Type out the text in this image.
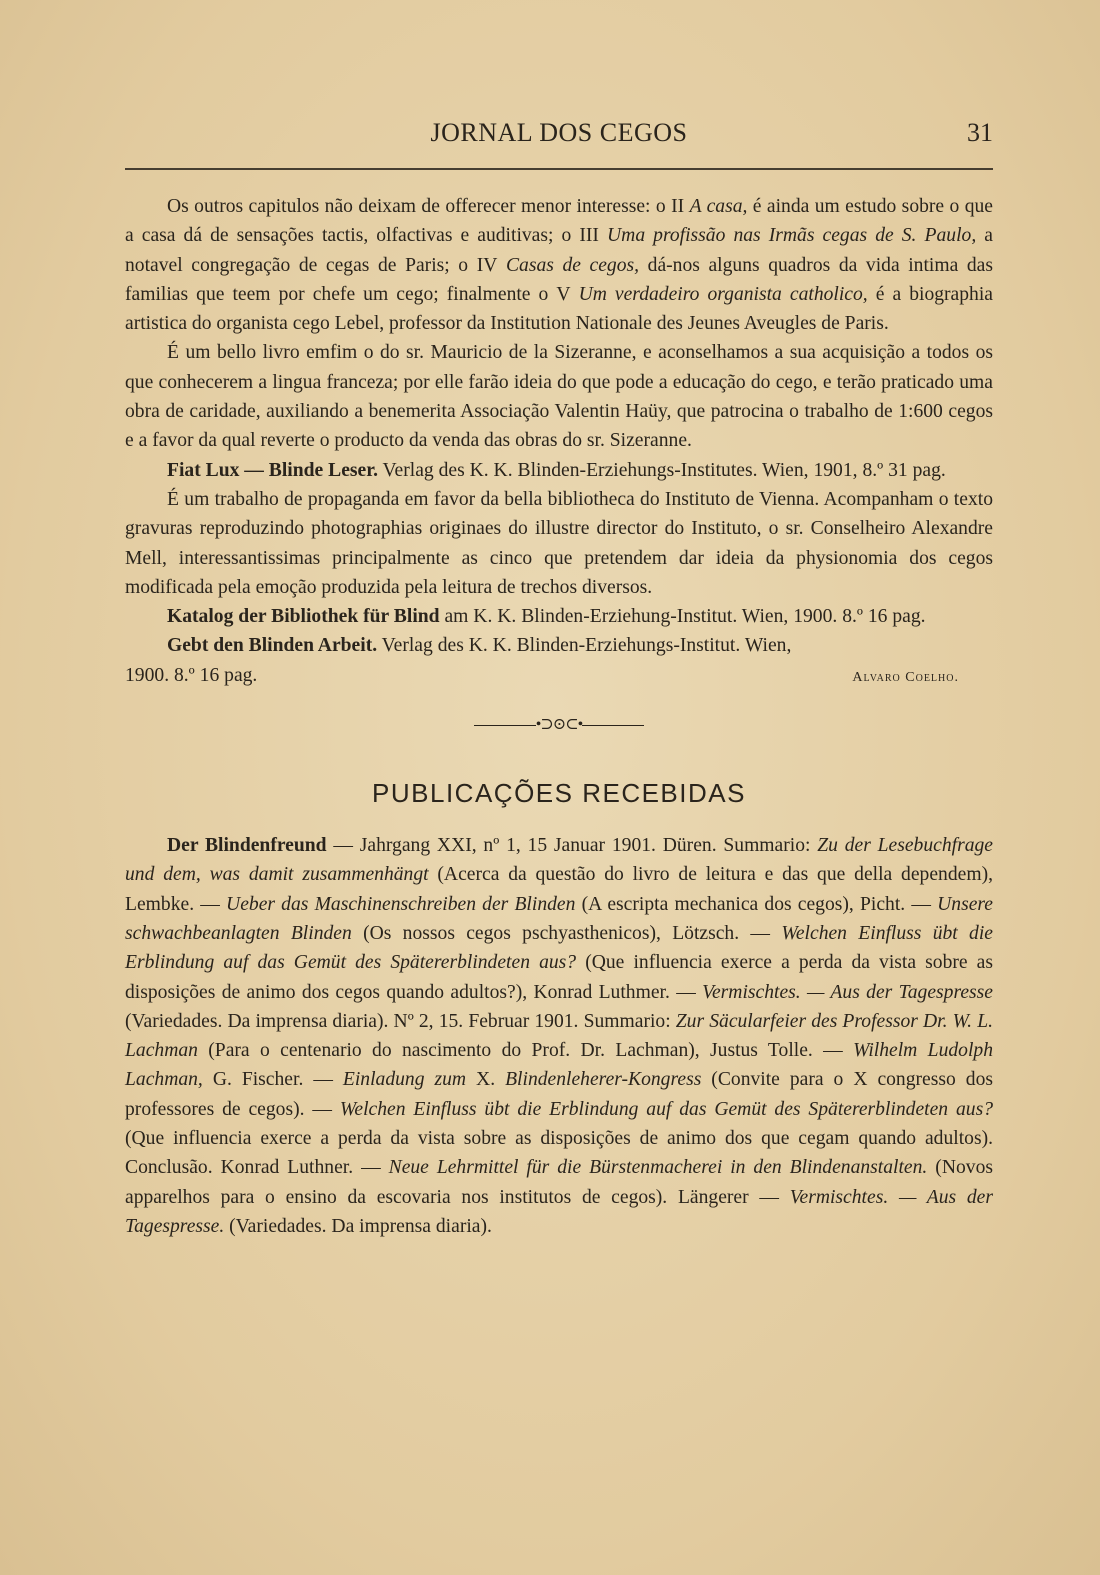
JORNAL DOS CEGOS	31

Os outros capitulos não deixam de offerecer menor interesse: o II A casa, é ainda um estudo sobre o que a casa dá de sensações tactis, olfactivas e auditivas; o III Uma profissão nas Irmãs cegas de S. Paulo, a notavel congregação de cegas de Paris; o IV Casas de cegos, dá-nos alguns quadros da vida intima das familias que teem por chefe um cego; finalmente o V Um verdadeiro organista catholico, é a biographia artistica do organista cego Lebel, professor da Institution Nationale des Jeunes Aveugles de Paris.

É um bello livro emfim o do sr. Mauricio de la Sizeranne, e aconselhamos a sua acquisição a todos os que conhecerem a lingua franceza; por elle farão ideia do que pode a educação do cego, e terão praticado uma obra de caridade, auxiliando a benemerita Associação Valentin Haüy, que patrocina o trabalho de 1:600 cegos e a favor da qual reverte o producto da venda das obras do sr. Sizeranne.

Fiat Lux — Blinde Leser. Verlag des K. K. Blinden-Erziehungs-Institutes. Wien, 1901, 8.º 31 pag.

É um trabalho de propaganda em favor da bella bibliotheca do Instituto de Vienna. Acompanham o texto gravuras reproduzindo photographias originaes do illustre director do Instituto, o sr. Conselheiro Alexandre Mell, interessantissimas principalmente as cinco que pretendem dar ideia da physionomia dos cegos modificada pela emoção produzida pela leitura de trechos diversos.

Katalog der Bibliothek für Blind am K. K. Blinden-Erziehung-Institut. Wien, 1900. 8.º 16 pag.

Gebt den Blinden Arbeit. Verlag des K. K. Blinden-Erziehungs-Institut. Wien,

1900. 8.º 16 pag.	Alvaro Coelho.
•⊃⊙⊂•
PUBLICAÇÕES RECEBIDAS

Der Blindenfreund — Jahrgang XXI, nº 1, 15 Januar 1901. Düren. Summario: Zu der Lesebuchfrage und dem, was damit zusammenhängt (Acerca da questão do livro de leitura e das que della dependem), Lembke. — Ueber das Maschinenschreiben der Blinden (A escripta mechanica dos cegos), Picht. — Unsere schwachbeanlagten Blinden (Os nossos cegos pschyasthenicos), Lötzsch. — Welchen Einfluss übt die Erblindung auf das Gemüt des Spätererblindeten aus? (Que influencia exerce a perda da vista sobre as disposições de animo dos cegos quando adultos?), Konrad Luthmer. — Vermischtes. — Aus der Tagespresse (Variedades. Da imprensa diaria). Nº 2, 15. Februar 1901. Summario: Zur Säcularfeier des Professor Dr. W. L. Lachman (Para o centenario do nascimento do Prof. Dr. Lachman), Justus Tolle. — Wilhelm Ludolph Lachman, G. Fischer. — Einladung zum X. Blindenleherer-Kongress (Convite para o X congresso dos professores de cegos). — Welchen Einfluss übt die Erblindung auf das Gemüt des Spätererblindeten aus? (Que influencia exerce a perda da vista sobre as disposições de animo dos que cegam quando adultos). Conclusão. Konrad Luthner. — Neue Lehrmittel für die Bürstenmacherei in den Blindenanstalten. (Novos apparelhos para o ensino da escovaria nos institutos de cegos). Längerer — Vermischtes. — Aus der Tagespresse. (Variedades. Da imprensa diaria).
